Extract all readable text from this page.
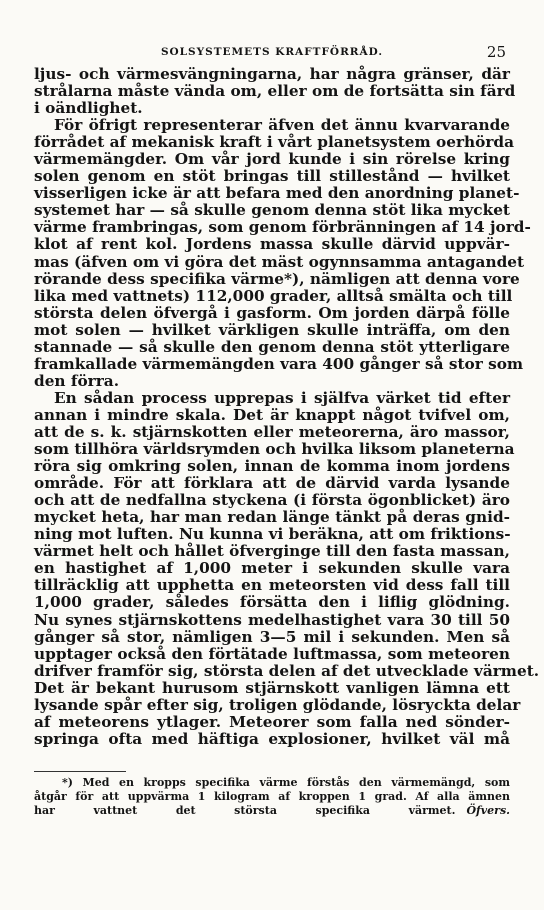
SOLSYSTEMETS KRAFTFÖRRÅD.	25
ljus- och värmesvängningarna, har några gränser, där
strålarna måste vända om, eller om de fortsätta sin färd
i oändlighet.
För öfrigt representerar äfven det ännu kvarvarande
förrådet af mekanisk kraft i vårt planetsystem oerhörda
värmemängder. Om vår jord kunde i sin rörelse kring
solen genom en stöt bringas till stillestånd — hvilket
visserligen icke är att befara med den anordning planet-
systemet har — så skulle genom denna stöt lika mycket
värme frambringas, som genom förbränningen af 14 jord-
klot af rent kol. Jordens massa skulle därvid uppvär-
mas (äfven om vi göra det mäst ogynnsamma antagandet
rörande dess specifika värme*), nämligen att denna vore
lika med vattnets) 112,000 grader, alltså smälta och till
största delen öfvergå i gasform. Om jorden därpå fölle
mot solen — hvilket värkligen skulle inträffa, om den
stannade — så skulle den genom denna stöt ytterligare
framkallade värmemängden vara 400 gånger så stor som
den förra.
En sådan process upprepas i själfva värket tid efter
annan i mindre skala. Det är knappt något tvifvel om,
att de s. k. stjärnskotten eller meteorerna, äro massor,
som tillhöra världsrymden och hvilka liksom planeterna
röra sig omkring solen, innan de komma inom jordens
område. För att förklara att de därvid varda lysande
och att de nedfallna styckena (i första ögonblicket) äro
mycket heta, har man redan länge tänkt på deras gnid-
ning mot luften. Nu kunna vi beräkna, att om friktions-
värmet helt och hållet öfverginge till den fasta massan,
en hastighet af 1,000 meter i sekunden skulle vara
tillräcklig att upphetta en meteorsten vid dess fall till
1,000 grader, således försätta den i liflig glödning.
Nu synes stjärnskottens medelhastighet vara 30 till 50
gånger så stor, nämligen 3—5 mil i sekunden. Men så
upptager också den förtätade luftmassa, som meteoren
drifver framför sig, största delen af det utvecklade värmet.
Det är bekant hurusom stjärnskott vanligen lämna ett
lysande spår efter sig, troligen glödande, lösryckta delar
af meteorens ytlager. Meteorer som falla ned sönder-
springa ofta med häftiga explosioner, hvilket väl må
*) Med en kropps specifika värme förstås den värmemängd, som
åtgår för att uppvärma 1 kilogram af kroppen 1 grad. Af alla ämnen
har vattnet det största specifika värmet.  Öfvers.
